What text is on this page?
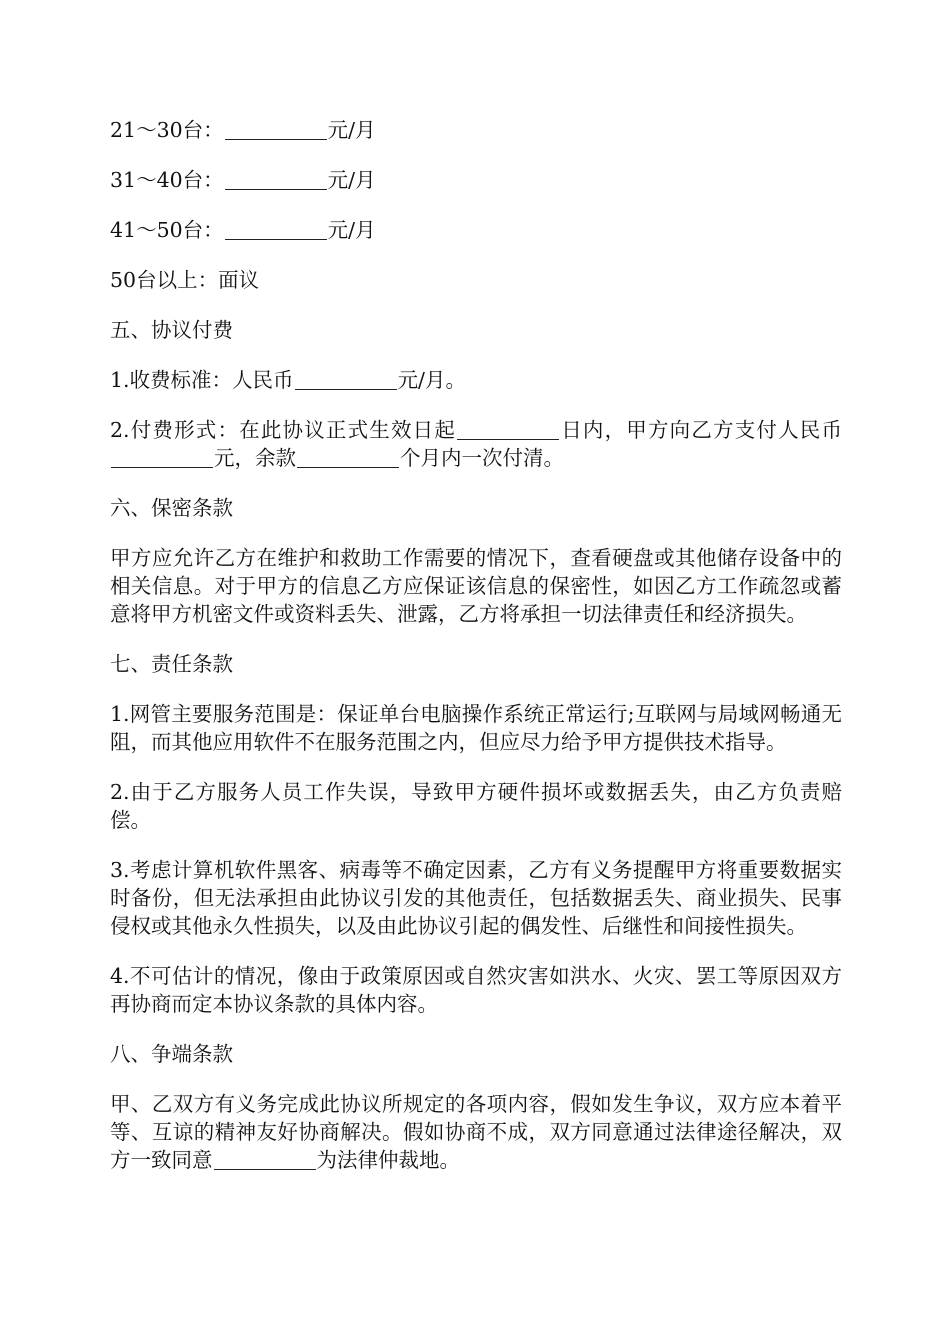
21～30台：	元/月

31～40台：	元/月

41～50台：	元/月

50台以上：面议

五、协议付费

1.收费标准：人民币	元/月。

2.付费形式：在此协议正式生效日起	日内，甲方向乙方支付人民币元，余款	个月内一次付清。

六、保密条款

甲方应允许乙方在维护和救助工作需要的情况下，查看硬盘或其他储存设备中的相关信息。对于甲方的信息乙方应保证该信息的保密性，如因乙方工作疏忽或蓄意将甲方机密文件或资料丢失、泄露，乙方将承担一切法律责任和经济损失。

七、责任条款

1.网管主要服务范围是：保证单台电脑操作系统正常运行;互联网与局域网畅通无阻，而其他应用软件不在服务范围之内，但应尽力给予甲方提供技术指导。

2.由于乙方服务人员工作失误，导致甲方硬件损坏或数据丢失，由乙方负责赔偿。

3.考虑计算机软件黑客、病毒等不确定因素，乙方有义务提醒甲方将重要数据实时备份，但无法承担由此协议引发的其他责任，包括数据丢失、商业损失、民事侵权或其他永久性损失，以及由此协议引起的偶发性、后继性和间接性损失。

4.不可估计的情况，像由于政策原因或自然灾害如洪水、火灾、罢工等原因双方再协商而定本协议条款的具体内容。

八、争端条款

甲、乙双方有义务完成此协议所规定的各项内容，假如发生争议，双方应本着平等、互谅的精神友好协商解决。假如协商不成，双方同意通过法律途径解决，双方一致同意	为法律仲裁地。
